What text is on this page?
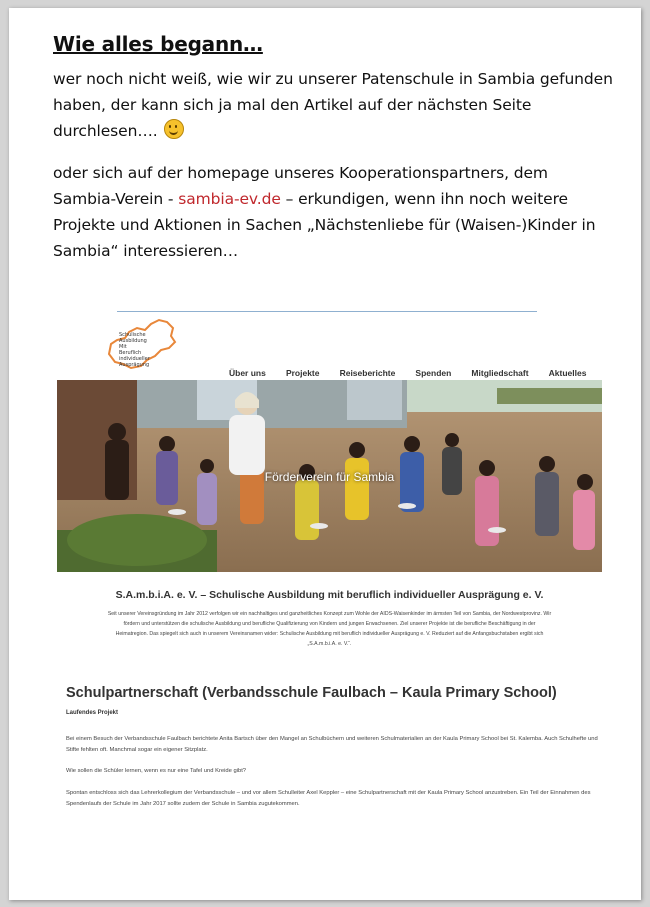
Wie alles begann…
wer noch nicht weiß, wie wir zu unserer Patenschule in Sambia gefunden haben, der kann sich ja mal den Artikel auf der nächsten Seite durchlesen….
oder sich auf der homepage unseres Kooperationspartners, dem Sambia-Verein - sambia-ev.de – erkundigen, wenn ihn noch weitere Projekte und Aktionen in Sachen „Nächstenliebe für (Waisen-)Kinder in Sambia“ interessieren…
Schulische
Ausbildung
Mit
Beruflich
individueller
Ausprägung
Über uns Projekte Reiseberichte Spenden Mitgliedschaft Aktuelles
Förderverein für Sambia
S.A.m.b.i.A. e. V. – Schulische Ausbildung mit beruflich individueller Ausprägung e. V.
Seit unserer Vereinsgründung im Jahr 2012 verfolgen wir ein nachhaltiges und ganzheitliches Konzept zum Wohle der AIDS-Waisenkinder im ärmsten Teil von Sambia, der Nordwestprovinz. Wir
fördern und unterstützen die schulische Ausbildung und berufliche Qualifizierung von Kindern und jungen Erwachsenen. Ziel unserer Projekte ist die berufliche Beschäftigung in der
Heimatregion. Das spiegelt sich auch in unserem Vereinsnamen wider: Schulische Ausbildung mit beruflich individueller Ausprägung e. V. Reduziert auf die Anfangsbuchstaben ergibt sich
„S.A.m.b.i.A. e. V.“.
Schulpartnerschaft (Verbandsschule Faulbach – Kaula Primary School)
Laufendes Projekt
Bei einem Besuch der Verbandsschule Faulbach berichtete Anita Bartsch über den Mangel an Schulbüchern und weiteren Schulmaterialien an der Kaula Primary School bei St. Kalemba. Auch Schulhefte und Stifte fehlten oft. Manchmal sogar ein eigener Sitzplatz.
Wie sollen die Schüler lernen, wenn es nur eine Tafel und Kreide gibt?
Spontan entschloss sich das Lehrerkollegium der Verbandsschule – und vor allem Schulleiter Axel Keppler – eine Schulpartnerschaft mit der Kaula Primary School anzustreben. Ein Teil der Einnahmen des Spendenlaufs der Schule im Jahr 2017 sollte zudem der Schule in Sambia zugutekommen.
